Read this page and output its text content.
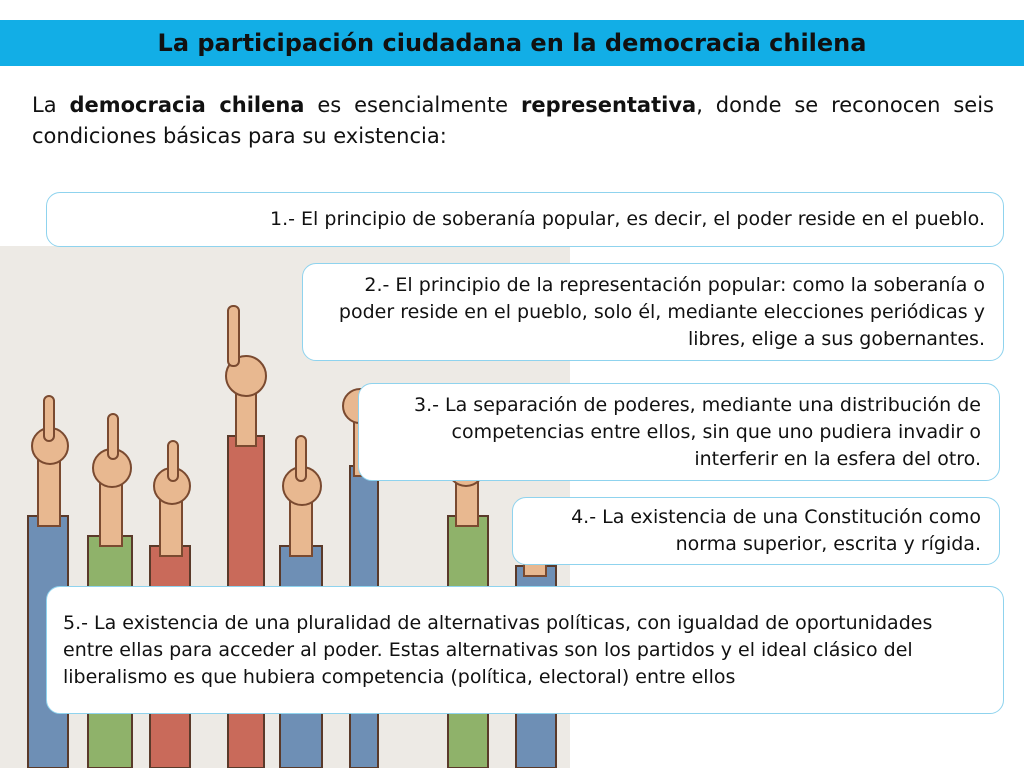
La participación ciudadana en la democracia chilena
La democracia chilena es esencialmente representativa, donde se reconocen seis condiciones básicas para su existencia:
1.- El principio de soberanía popular, es decir, el poder reside en el pueblo.
2.- El principio de la representación popular: como la soberanía o poder reside en el pueblo, solo él, mediante elecciones periódicas y libres, elige a sus gobernantes.
3.- La separación de poderes, mediante una distribución de competencias entre ellos, sin que uno pudiera invadir o interferir en la esfera del otro.
4.- La existencia de una Constitución como norma superior, escrita y rígida.
5.- La existencia de una pluralidad de alternativas políticas, con igualdad de oportunidades entre ellas para acceder al poder. Estas alternativas son los partidos y el ideal clásico del liberalismo es que hubiera competencia (política, electoral) entre ellos
